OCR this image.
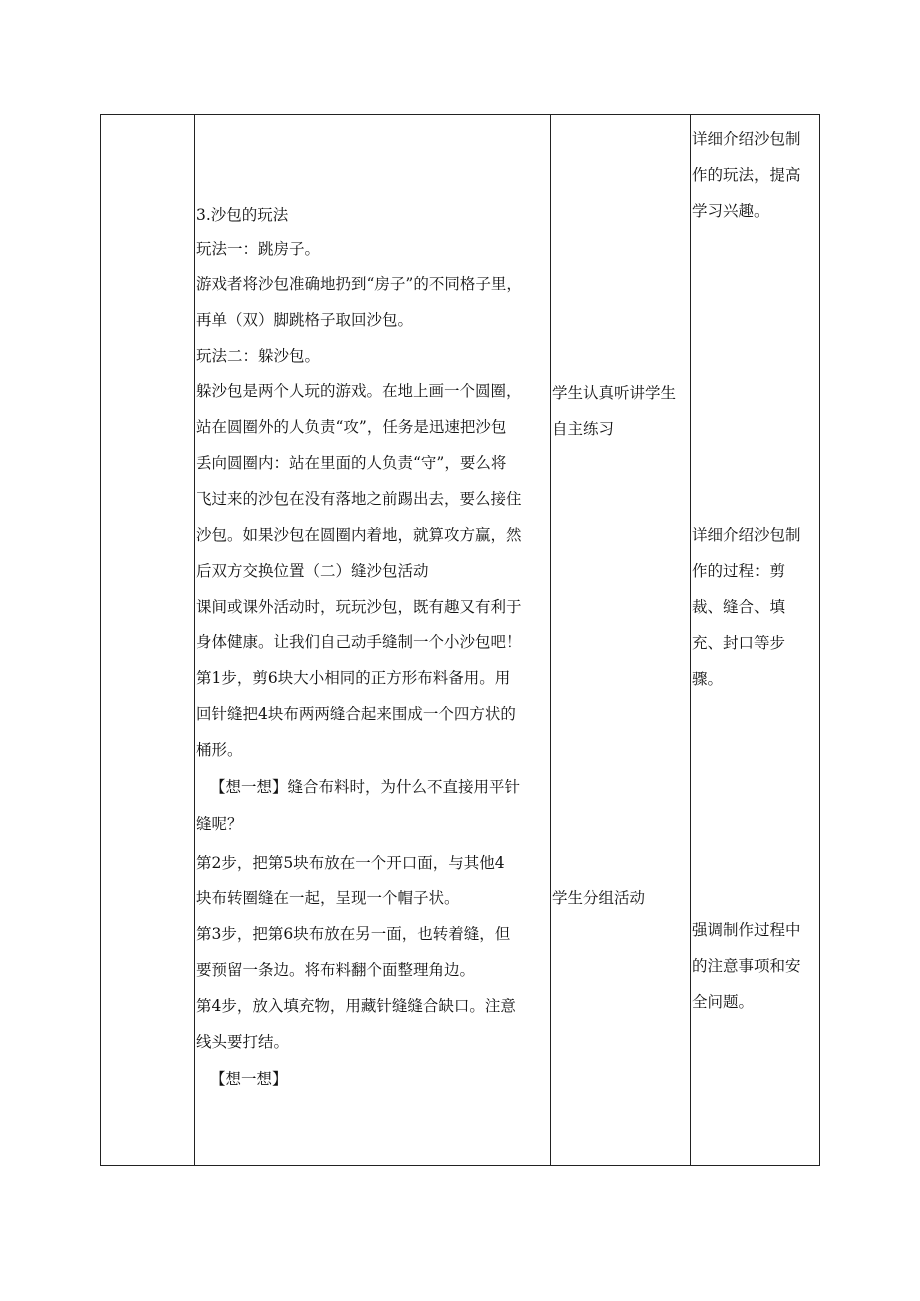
3.沙包的玩法
玩法一：跳房子。
游戏者将沙包准确地扔到“房子”的不同格子里，
再单（双）脚跳格子取回沙包。
玩法二：躲沙包。
躲沙包是两个人玩的游戏。在地上画一个圆圈，
站在圆圈外的人负责“攻”，任务是迅速把沙包
丢向圆圈内：站在里面的人负责“守”，要么将
飞过来的沙包在没有落地之前踢出去，要么接住
沙包。如果沙包在圆圈内着地，就算攻方赢，然
后双方交换位置（二）缝沙包活动
课间或课外活动时，玩玩沙包，既有趣又有利于
身体健康。让我们自己动手缝制一个小沙包吧！
第1步，剪6块大小相同的正方形布料备用。用
回针缝把4块布两两缝合起来围成一个四方状的
桶形。
【想一想】缝合布料时，为什么不直接用平针
缝呢？
第2步，把第5块布放在一个开口面，与其他4
块布转圈缝在一起，呈现一个帽子状。
第3步，把第6块布放在另一面，也转着缝，但
要预留一条边。将布料翻个面整理角边。
第4步，放入填充物，用藏针缝缝合缺口。注意
线头要打结。
【想一想】
学生认真听讲学生
自主练习
学生分组活动
详细介绍沙包制
作的玩法，提高
学习兴趣。
详细介绍沙包制
作的过程：剪
裁、缝合、填
充、封口等步
骤。
强调制作过程中
的注意事项和安
全问题。
